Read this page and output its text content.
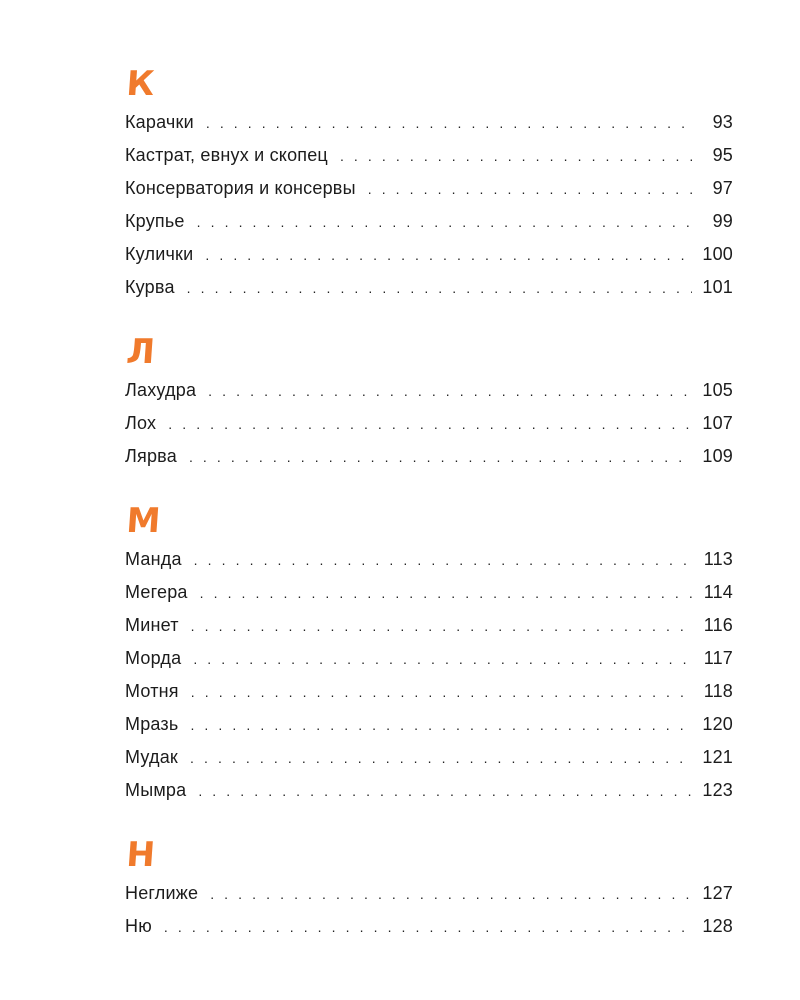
К
Карачки . . .	93
Кастрат, евнух и скопец . . .	95
Консерватория и консервы . . .	97
Крупье . . .	99
Кулички . . .	100
Курва . . .	101
Л
Лахудра . . .	105
Лох . . .	107
Лярва . . .	109
М
Манда . . .	113
Мегера . . .	114
Минет . . .	116
Морда . . .	117
Мотня . . .	118
Мразь . . .	120
Мудак . . .	121
Мымра . . .	123
Н
Неглиже . . .	127
Ню . . .	128
